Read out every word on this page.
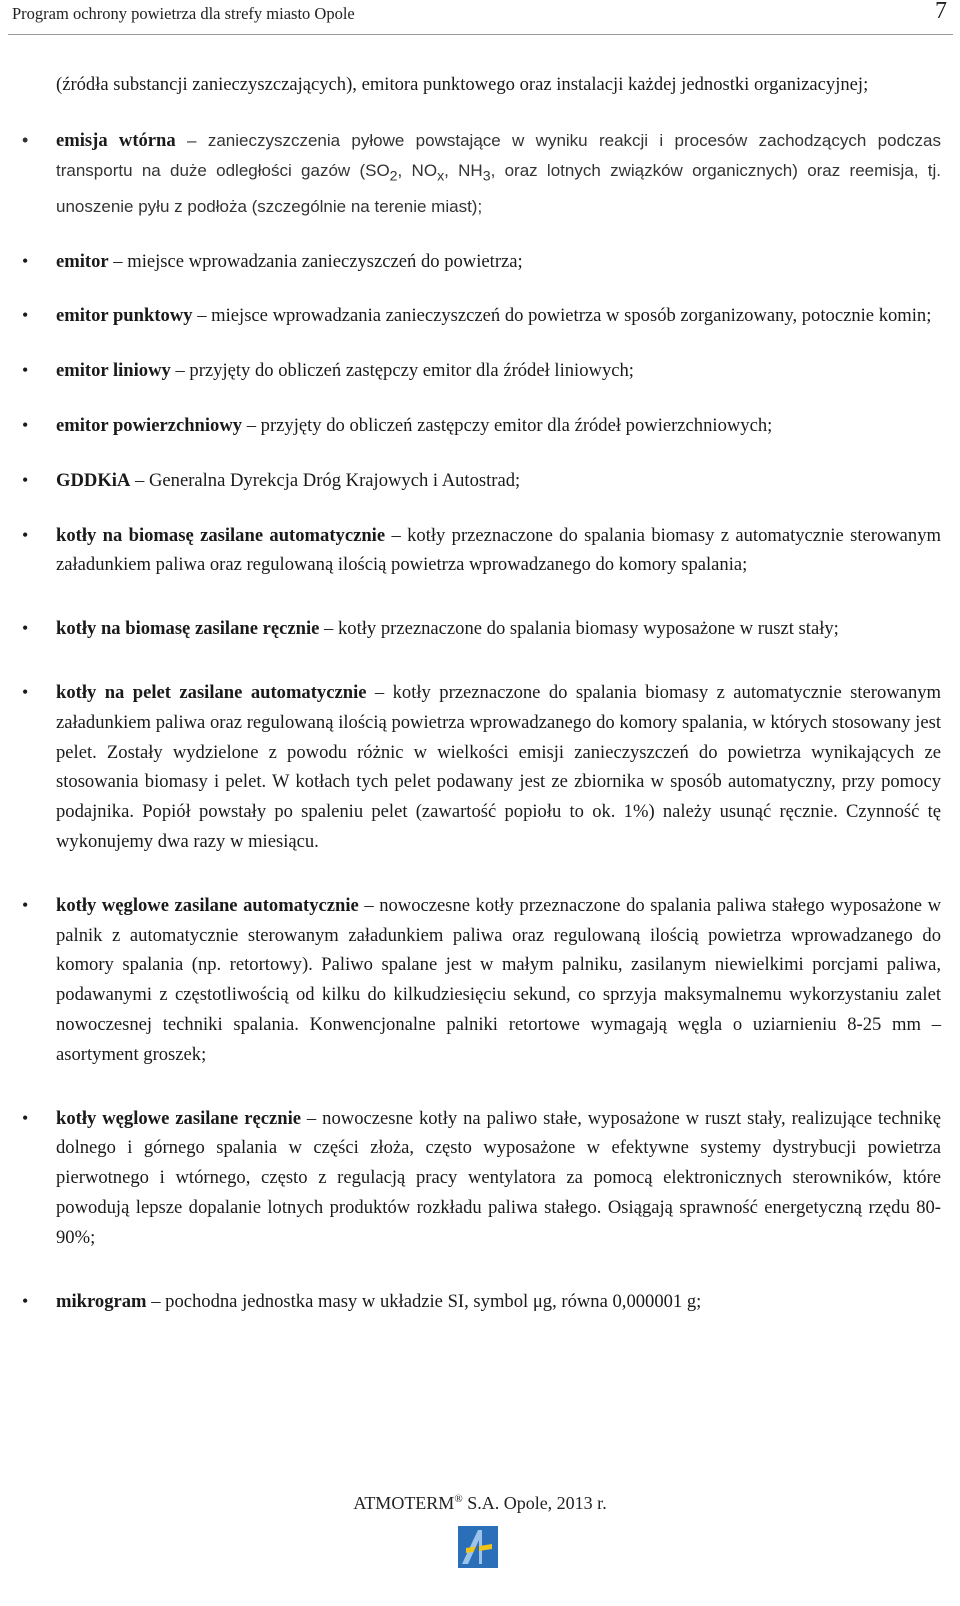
Program ochrony powietrza dla strefy miasto Opole	7

(źródła substancji zanieczyszczających), emitora punktowego oraz instalacji każdej jednostki organizacyjnej;

• emisja wtórna – zanieczyszczenia pyłowe powstające w wyniku reakcji i procesów zachodzących podczas transportu na duże odległości gazów ($SO_2$, $NO_x$, $NH_3$, oraz lotnych związków organicznych) oraz reemisja, tj. unoszenie pyłu z podłoża (szczególnie na terenie miast);
• emitor – miejsce wprowadzania zanieczyszczeń do powietrza;
• emitor punktowy – miejsce wprowadzania zanieczyszczeń do powietrza w sposób zorganizowany, potocznie komin;
• emitor liniowy – przyjęty do obliczeń zastępczy emitor dla źródeł liniowych;
• emitor powierzchniowy – przyjęty do obliczeń zastępczy emitor dla źródeł powierzchniowych;
• GDDKiA – Generalna Dyrekcja Dróg Krajowych i Autostrad;
• kotły na biomasę zasilane automatycznie – kotły przeznaczone do spalania biomasy z automatycznie sterowanym załadunkiem paliwa oraz regulowaną ilością powietrza wprowadzanego do komory spalania;
• kotły na biomasę zasilane ręcznie – kotły przeznaczone do spalania biomasy wyposażone w ruszt stały;
• kotły na pelet zasilane automatycznie – kotły przeznaczone do spalania biomasy z automatycznie sterowanym załadunkiem paliwa oraz regulowaną ilością powietrza wprowadzanego do komory spalania, w których stosowany jest pelet. Zostały wydzielone z powodu różnic w wielkości emisji zanieczyszczeń do powietrza wynikających ze stosowania biomasy i pelet. W kotłach tych pelet podawany jest ze zbiornika w sposób automatyczny, przy pomocy podajnika. Popiół powstały po spaleniu pelet (zawartość popiołu to ok. 1%) należy usunąć ręcznie. Czynność tę wykonujemy dwa razy w miesiącu.
• kotły węglowe zasilane automatycznie – nowoczesne kotły przeznaczone do spalania paliwa stałego wyposażone w palnik z automatycznie sterowanym załadunkiem paliwa oraz regulowaną ilością powietrza wprowadzanego do komory spalania (np. retortowy). Paliwo spalane jest w małym palniku, zasilanym niewielkimi porcjami paliwa, podawanymi z częstotliwością od kilku do kilkudziesięciu sekund, co sprzyja maksymalnemu wykorzystaniu zalet nowoczesnej techniki spalania. Konwencjonalne palniki retortowe wymagają węgla o uziarnieniu 8-25 mm – asortyment groszek;
• kotły węglowe zasilane ręcznie – nowoczesne kotły na paliwo stałe, wyposażone w ruszt stały, realizujące technikę dolnego i górnego spalania w części złoża, często wyposażone w efektywne systemy dystrybucji powietrza pierwotnego i wtórnego, często z regulacją pracy wentylatora za pomocą elektronicznych sterowników, które powodują lepsze dopalanie lotnych produktów rozkładu paliwa stałego. Osiągają sprawność energetyczną rzędu 80-90%;
• mikrogram – pochodna jednostka masy w układzie SI, symbol μg, równa 0,000001 g;
ATMOTERM® S.A. Opole, 2013 r.
